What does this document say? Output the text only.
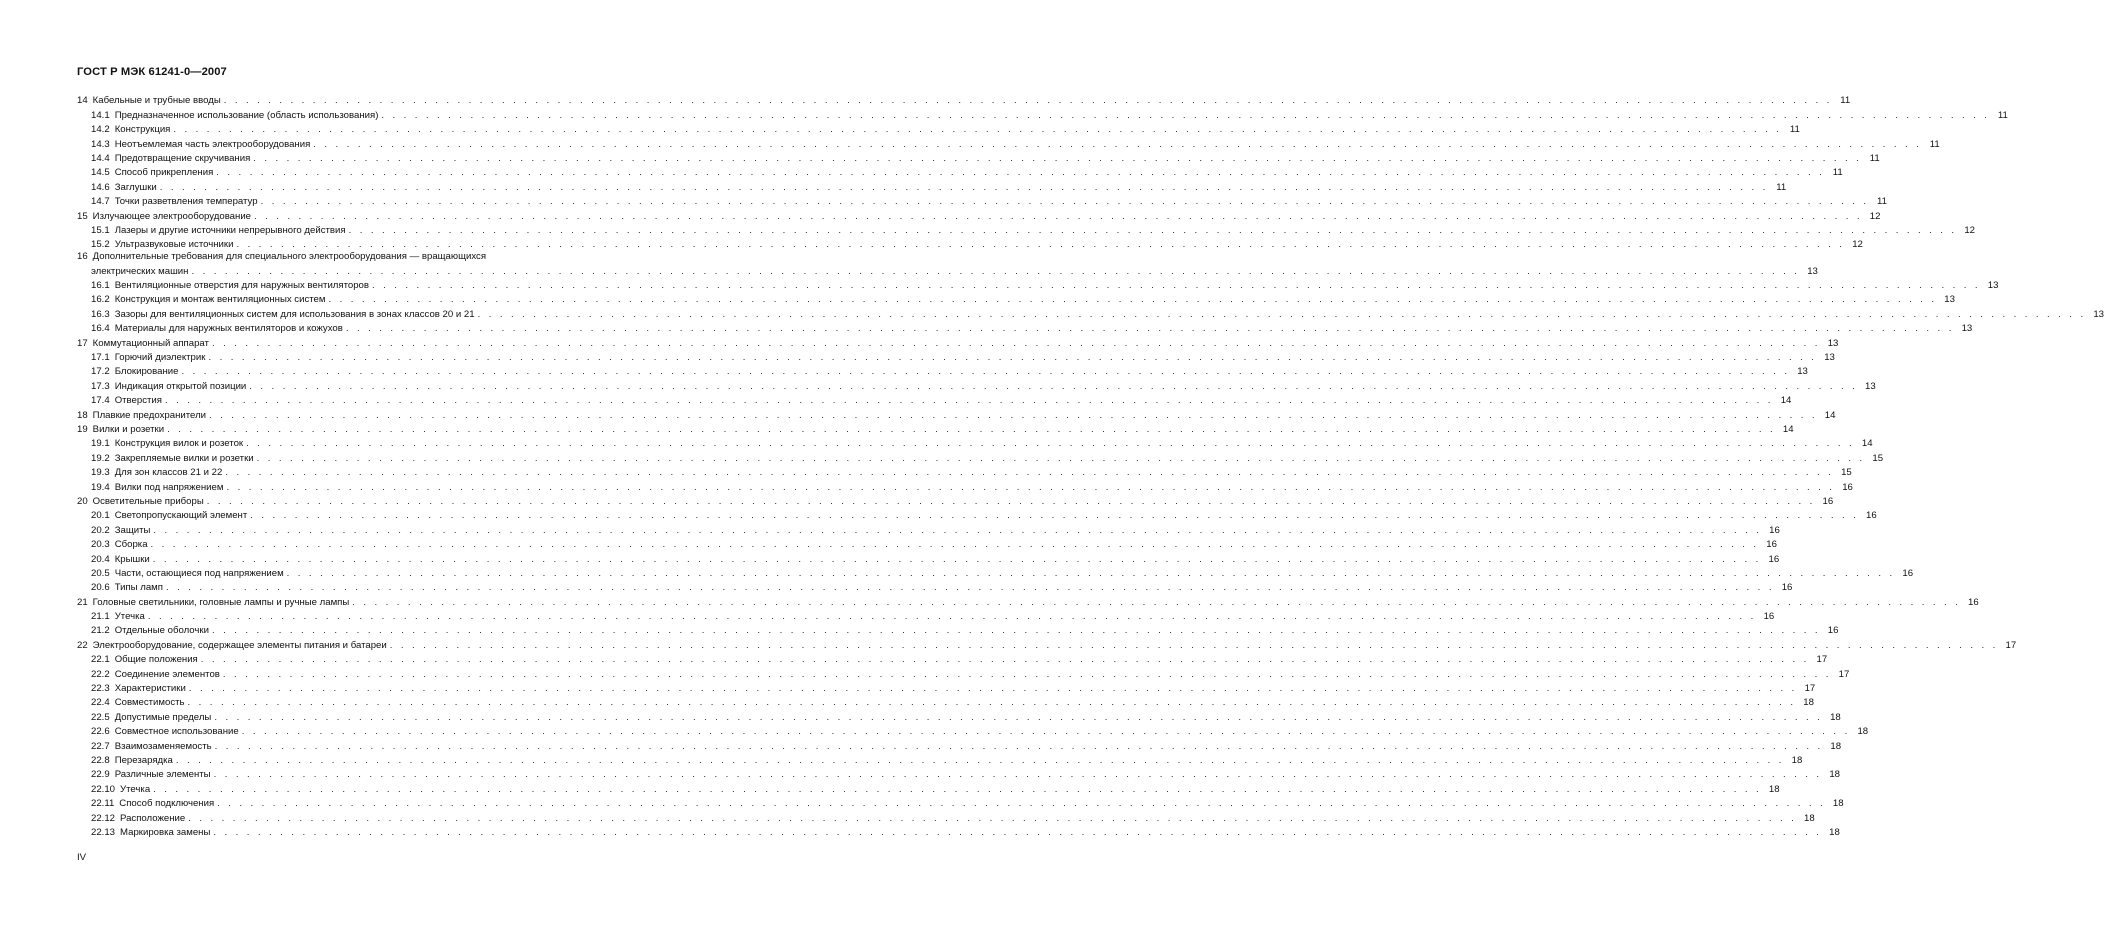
ГОСТ Р МЭК 61241-0—2007
14 Кабельные и трубные вводы . . .	11
14.1 Предназначенное использование (область использования) . . .	11
14.2 Конструкция . . .	11
14.3 Неотъемлемая часть электрооборудования . . .	11
14.4 Предотвращение скручивания . . .	11
14.5 Способ прикрепления . . .	11
14.6 Заглушки . . .	11
14.7 Точки разветвления температур . . .	11
15 Излучающее электрооборудование . . .	12
15.1 Лазеры и другие источники непрерывного действия . . .	12
15.2 Ультразвуковые источники . . .	12
16 Дополнительные требования для специального электрооборудования — вращающихся
электрических машин . . .	13
16.1 Вентиляционные отверстия для наружных вентиляторов . . .	13
16.2 Конструкция и монтаж вентиляционных систем . . .	13
16.3 Зазоры для вентиляционных систем для использования в зонах классов 20 и 21 . . .	13
16.4 Материалы для наружных вентиляторов и кожухов . . .	13
17 Коммутационный аппарат . . .	13
17.1 Горючий диэлектрик . . .	13
17.2 Блокирование . . .	13
17.3 Индикация открытой позиции . . .	13
17.4 Отверстия . . .	14
18 Плавкие предохранители . . .	14
19 Вилки и розетки . . .	14
19.1 Конструкция вилок и розеток . . .	14
19.2 Закрепляемые вилки и розетки . . .	15
19.3 Для зон классов 21 и 22 . . .	15
19.4 Вилки под напряжением . . .	16
20 Осветительные приборы . . .	16
20.1 Светопропускающий элемент . . .	16
20.2 Защиты . . .	16
20.3 Сборка . . .	16
20.4 Крышки . . .	16
20.5 Части, остающиеся под напряжением . . .	16
20.6 Типы ламп . . .	16
21 Головные светильники, головные лампы и ручные лампы . . .	16
21.1 Утечка . . .	16
21.2 Отдельные оболочки . . .	16
22 Электрооборудование, содержащее элементы питания и батареи . . .	17
22.1 Общие положения . . .	17
22.2 Соединение элементов . . .	17
22.3 Характеристики . . .	17
22.4 Совместимость . . .	18
22.5 Допустимые пределы . . .	18
22.6 Совместное использование . . .	18
22.7 Взаимозаменяемость . . .	18
22.8 Перезарядка . . .	18
22.9 Различные элементы . . .	18
22.10 Утечка . . .	18
22.11 Способ подключения . . .	18
22.12 Расположение . . .	18
22.13 Маркировка замены . . .	18
IV
